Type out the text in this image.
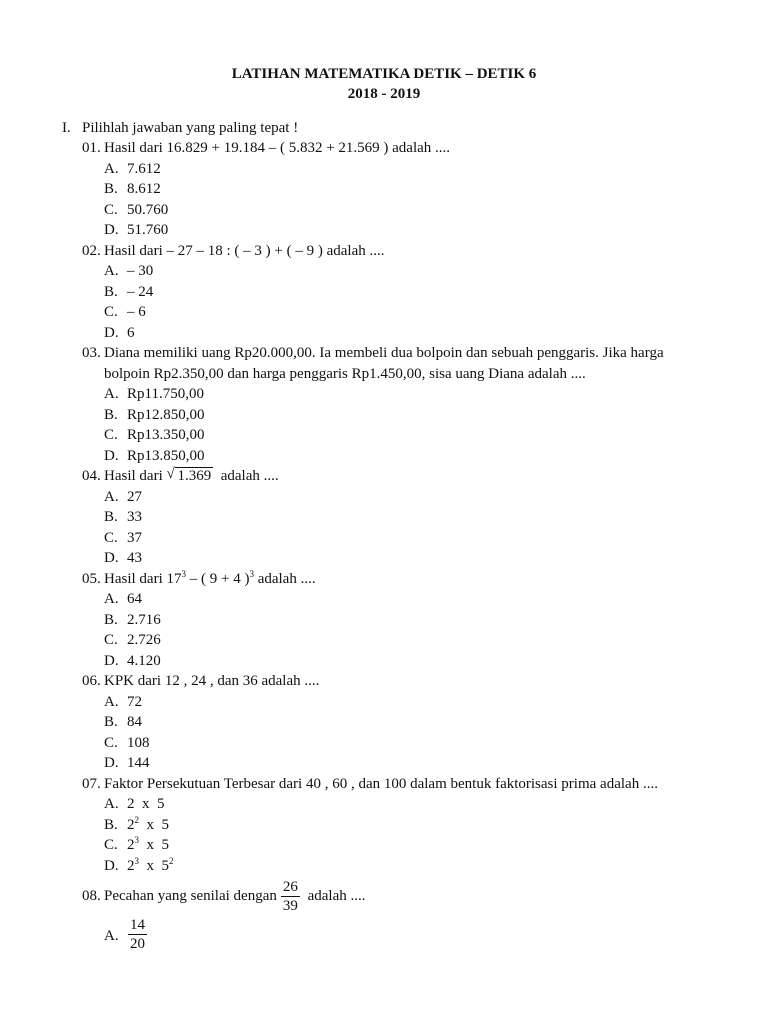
LATIHAN MATEMATIKA DETIK – DETIK 6
2018 - 2019
I. Pilihlah jawaban yang paling tepat !
01. Hasil dari 16.829 + 19.184 – ( 5.832 + 21.569 ) adalah ....
A. 7.612
B. 8.612
C. 50.760
D. 51.760
02. Hasil dari – 27 – 18 : ( – 3 ) + ( – 9 ) adalah ....
A. – 30
B. – 24
C. – 6
D. 6
03. Diana memiliki uang Rp20.000,00. Ia membeli dua bolpoin dan sebuah penggaris. Jika harga
bolpoin Rp2.350,00 dan harga penggaris Rp1.450,00, sisa uang Diana adalah ....
A. Rp11.750,00
B. Rp12.850,00
C. Rp13.350,00
D. Rp13.850,00
04. Hasil dari √ 1.369 adalah ....
A. 27
B. 33
C. 37
D. 43
05. Hasil dari $17^3$ – ( 9 + 4 )$^3$ adalah ....
A. 64
B. 2.716
C. 2.726
D. 4.120
06. KPK dari 12 , 24 , dan 36 adalah ....
A. 72
B. 84
C. 108
D. 144
07. Faktor Persekutuan Terbesar dari 40 , 60 , dan 100 dalam bentuk faktorisasi prima adalah ....
A. 2  x  5
B. $2^2$  x  5
C. $2^3$  x  5
D. $2^3$  x  $5^2$
08. Pecahan yang senilai dengan $\frac{26}{39}$ adalah ....
A. $\frac{14}{20}$
